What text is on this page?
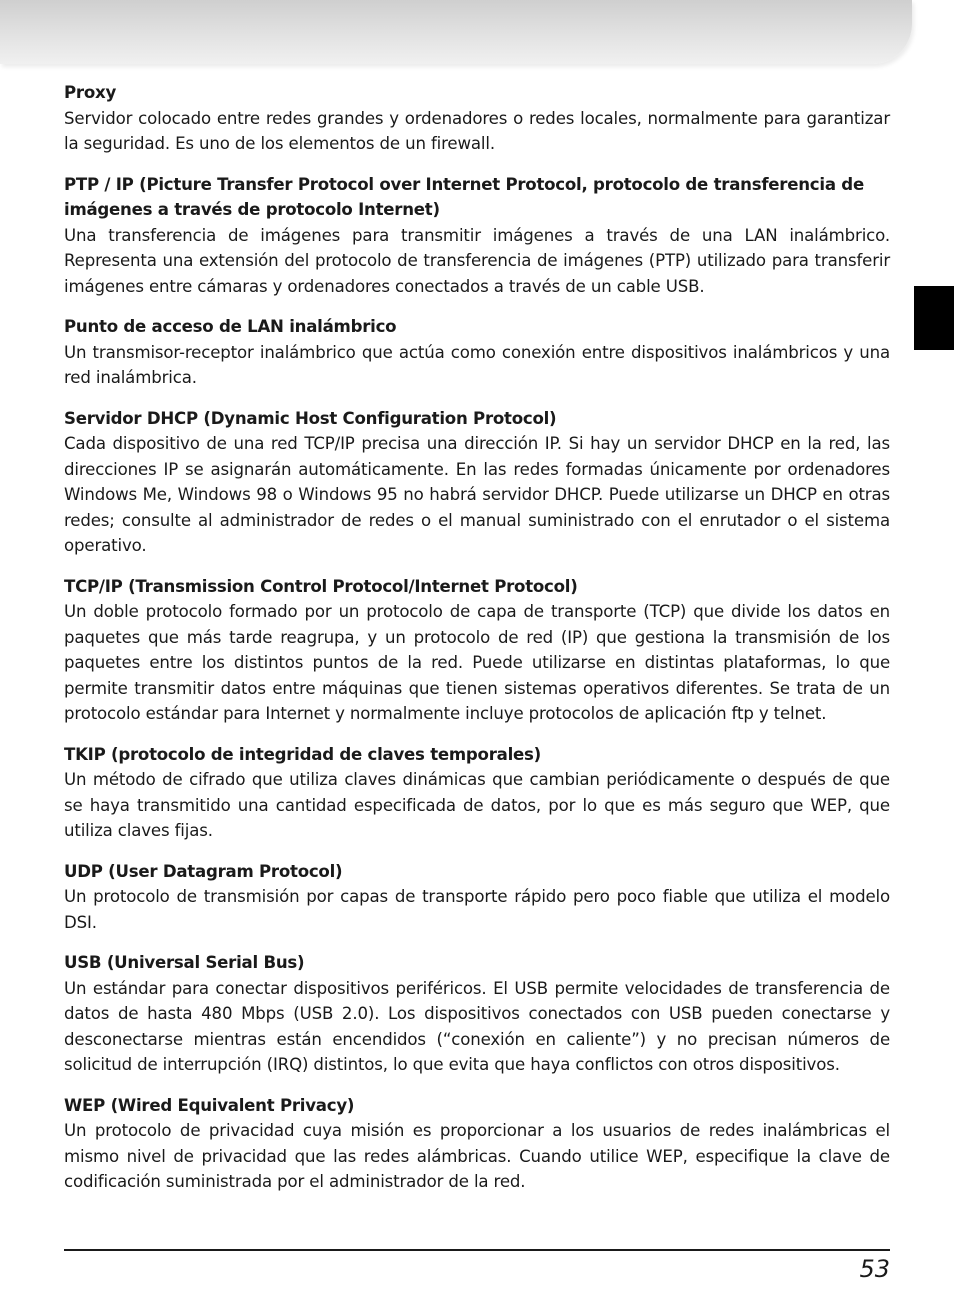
Proxy

Servidor colocado entre redes grandes y ordenadores o redes locales, normalmente para garantizar la seguridad. Es uno de los elementos de un firewall.

PTP / IP (Picture Transfer Protocol over Internet Protocol, protocolo de transferencia de imágenes a través de protocolo Internet)

Una transferencia de imágenes para transmitir imágenes a través de una LAN inalámbrico. Representa una extensión del protocolo de transferencia de imágenes (PTP) utilizado para transferir imágenes entre cámaras y ordenadores conectados a través de un cable USB.

Punto de acceso de LAN inalámbrico

Un transmisor-receptor inalámbrico que actúa como conexión entre dispositivos inalámbricos y una red inalámbrica.

Servidor DHCP (Dynamic Host Configuration Protocol)

Cada dispositivo de una red TCP/IP precisa una dirección IP. Si hay un servidor DHCP en la red, las direcciones IP se asignarán automáticamente. En las redes formadas únicamente por ordenadores Windows Me, Windows 98 o Windows 95 no habrá servidor DHCP. Puede utilizarse un DHCP en otras redes; consulte al administrador de redes o el manual suministrado con el enrutador o el sistema operativo.

TCP/IP (Transmission Control Protocol/Internet Protocol)

Un doble protocolo formado por un protocolo de capa de transporte (TCP) que divide los datos en paquetes que más tarde reagrupa, y un protocolo de red (IP) que gestiona la transmisión de los paquetes entre los distintos puntos de la red. Puede utilizarse en distintas plataformas, lo que permite transmitir datos entre máquinas que tienen sistemas operativos diferentes. Se trata de un protocolo estándar para Internet y normalmente incluye protocolos de aplicación ftp y telnet.

TKIP (protocolo de integridad de claves temporales)

Un método de cifrado que utiliza claves dinámicas que cambian periódicamente o después de que se haya transmitido una cantidad especificada de datos, por lo que es más seguro que WEP, que utiliza claves fijas.

UDP (User Datagram Protocol)

Un protocolo de transmisión por capas de transporte rápido pero poco fiable que utiliza el modelo DSI.

USB (Universal Serial Bus)

Un estándar para conectar dispositivos periféricos. El USB permite velocidades de transferencia de datos de hasta 480 Mbps (USB 2.0). Los dispositivos conectados con USB pueden conectarse y desconectarse mientras están encendidos (“conexión en caliente”) y no precisan números de solicitud de interrupción (IRQ) distintos, lo que evita que haya conflictos con otros dispositivos.

WEP (Wired Equivalent Privacy)

Un protocolo de privacidad cuya misión es proporcionar a los usuarios de redes inalámbricas el mismo nivel de privacidad que las redes alámbricas. Cuando utilice WEP, especifique la clave de codificación suministrada por el administrador de la red.

53
